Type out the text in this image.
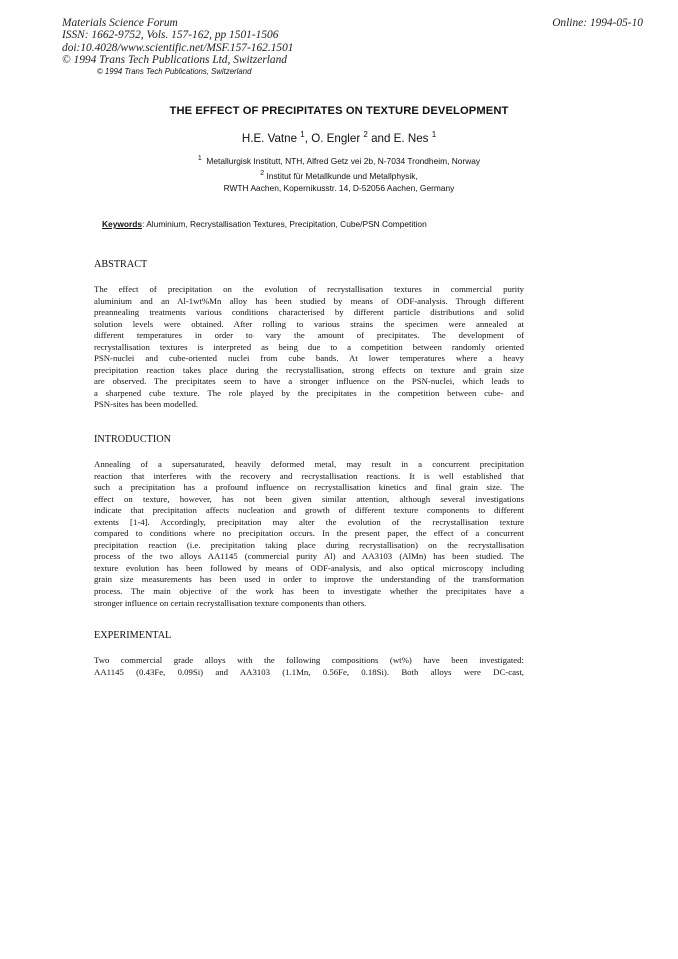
Materials Science Forum
ISSN: 1662-9752, Vols. 157-162, pp 1501-1506
doi:10.4028/www.scientific.net/MSF.157-162.1501
© 1994 Trans Tech Publications Ltd, Switzerland
Online: 1994-05-10
© 1994 Trans Tech Publications, Switzerland
THE EFFECT OF PRECIPITATES ON TEXTURE DEVELOPMENT
H.E. Vatne $^1$, O. Engler $^2$ and E. Nes $^1$
$^1$ Metallurgisk Institutt, NTH, Alfred Getz vei 2b, N-7034 Trondheim, Norway
$^2$ Institut für Metallkunde und Metallphysik,
RWTH Aachen, Kopernikusstr. 14, D-52056 Aachen, Germany
Keywords: Aluminium, Recrystallisation Textures, Precipitation, Cube/PSN Competition
ABSTRACT
The effect of precipitation on the evolution of recrystallisation textures in commercial purity
aluminium and an Al-1wt%Mn alloy has been studied by means of ODF-analysis. Through different
preannealing treatments various conditions characterised by different particle distributions and solid
solution levels were obtained. After rolling to various strains the specimen were annealed at
different temperatures in order to vary the amount of precipitates. The development of
recrystallisation textures is interpreted as being due to a competition between randomly oriented
PSN-nuclei and cube-oriented nuclei from cube bands. At lower temperatures where a heavy
precipitation reaction takes place during the recrystallisation, strong effects on texture and grain size
are observed. The precipitates seem to have a stronger influence on the PSN-nuclei, which leads to
a sharpened cube texture. The role played by the precipitates in the competition between cube- and
PSN-sites has been modelled.
INTRODUCTION
Annealing of a supersaturated, heavily deformed metal, may result in a concurrent precipitation
reaction that interferes with the recovery and recrystallisation reactions. It is well established that
such a precipitation has a profound influence on recrystallisation kinetics and final grain size. The
effect on texture, however, has not been given similar attention, although several investigations
indicate that precipitation affects nucleation and growth of different texture components to different
extents [1-4]. Accordingly, precipitation may alter the evolution of the recrystallisation texture
compared to conditions where no precipitation occurs. In the present paper, the effect of a concurrent
precipitation reaction (i.e. precipitation taking place during recrystallisation) on the recrystallisation
process of the two alloys AA1145 (commercial purity Al) and AA3103 (AlMn) has been studied. The
texture evolution has been followed by means of ODF-analysis, and also optical microscopy including
grain size measurements has been used in order to improve the understanding of the transformation
process. The main objective of the work has been to investigate whether the precipitates have a
stronger influence on certain recrystallisation texture components than others.
EXPERIMENTAL
Two commercial grade alloys with the following compositions (wt%) have been investigated:
AA1145 (0.43Fe, 0.09Si) and AA3103 (1.1Mn, 0.56Fe, 0.18Si). Both alloys were DC-cast,
